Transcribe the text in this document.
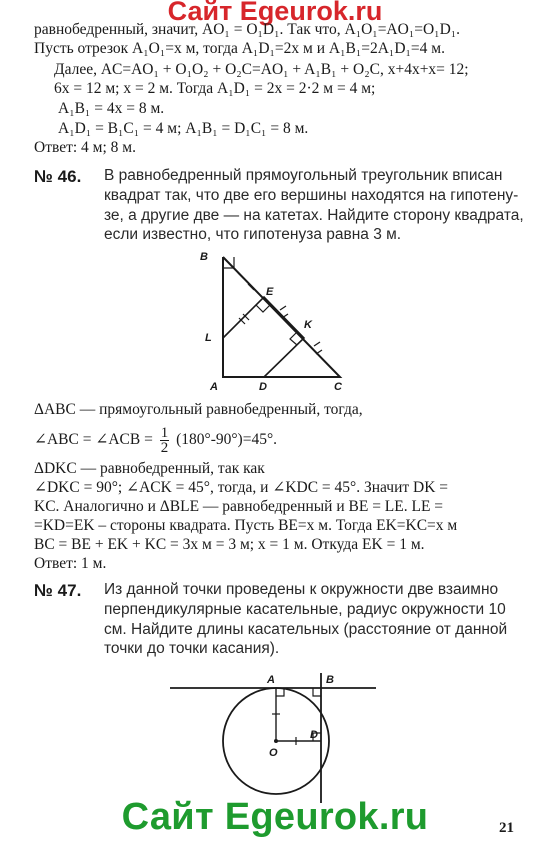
Сайт Egeurok.ru
равнобедренный, значит, AO₁ = O₁D₁. Так что, A₁O₁=AO₁=O₁D₁.
Пусть отрезок A₁O₁=x м, тогда A₁D₁=2x м и A₁B₁=2A₁D₁=4 м.
Далее, AC=AO₁ + O₁O₂ + O₂C=AO₁ + A₁B₁ + O₂C, x+4x+x= 12;
6x = 12 м; x = 2 м. Тогда A₁D₁ = 2x = 2·2 м = 4 м;
A₁B₁ = 4x = 8 м.
A₁D₁ = B₁C₁ = 4 м; A₁B₁ = D₁C₁ = 8 м.
Ответ: 4 м; 8 м.
№ 46. В равнобедренный прямоугольный треугольник вписан
квадрат так, что две его вершины находятся на гипотену-
зе, а другие две — на катетах. Найдите сторону квадрата,
если известно, что гипотенуза равна 3 м.
B
E
K
L
A	D	C
ΔABC — прямоугольный равнобедренный, тогда,
∠ABC = ∠ACB = $\frac{1}{2} (180^\circ-90^\circ)=45^\circ$.
ΔDKC — равнобедренный, так как
∠DKC = 90°; ∠ACK = 45°, тогда, и ∠KDC = 45°. Значит DK =
KC. Аналогично и ΔBLE — равнобедренный и BE = LE. LE =
=KD=EK – стороны квадрата. Пусть BE=x м. Тогда EK=KC=x м
BC = BE + EK + KC = 3x м = 3 м; x = 1 м. Откуда EK = 1 м.
Ответ: 1 м.
№ 47. Из данной точки проведены к окружности две взаимно
перпендикулярные касательные, радиус окружности 10
см. Найдите длины касательных (расстояние от данной
точки до точки касания).
A	B
O
D
Сайт Egeurok.ru	21
